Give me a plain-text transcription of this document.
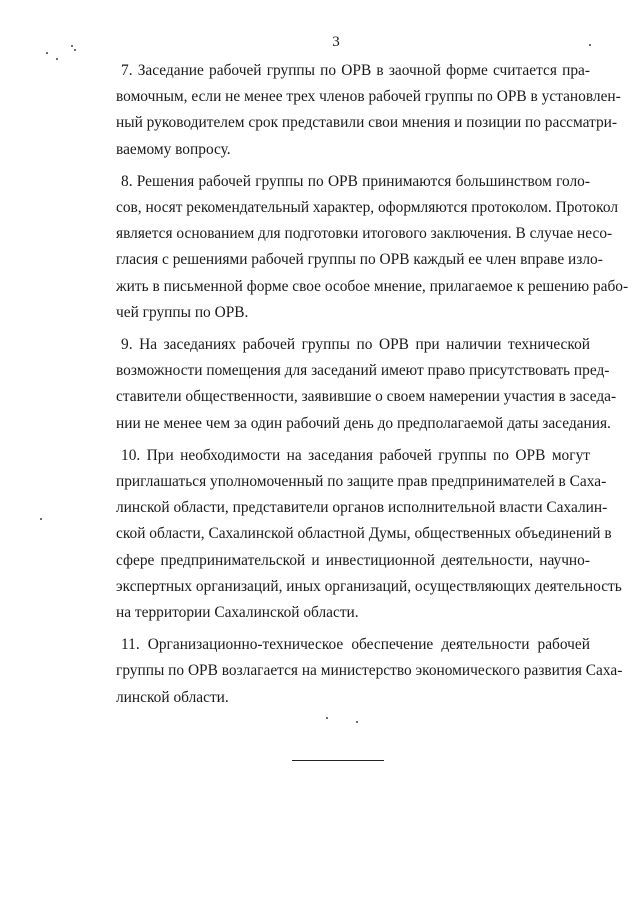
3

7. Заседание рабочей группы по ОРВ в заочной форме считается пра-
вомочным, если не менее трех членов рабочей группы по ОРВ в установлен-
ный руководителем срок представили свои мнения и позиции по рассматри-
ваемому вопросу.

8. Решения рабочей группы по ОРВ принимаются большинством голо-
сов, носят рекомендательный характер, оформляются протоколом. Протокол
является основанием для подготовки итогового заключения. В случае несо-
гласия с решениями рабочей группы по ОРВ каждый ее член вправе изло-
жить в письменной форме свое особое мнение, прилагаемое к решению рабо-
чей группы по ОРВ.

9. На заседаниях рабочей группы по ОРВ при наличии технической
возможности помещения для заседаний имеют право присутствовать пред-
ставители общественности, заявившие о своем намерении участия в заседа-
нии не менее чем за один рабочий день до предполагаемой даты заседания.

10. При необходимости на заседания рабочей группы по ОРВ могут
приглашаться уполномоченный по защите прав предпринимателей в Саха-
линской области, представители органов исполнительной власти Сахалин-
ской области, Сахалинской областной Думы, общественных объединений в
сфере предпринимательской и инвестиционной деятельности, научно-
экспертных организаций, иных организаций, осуществляющих деятельность
на территории Сахалинской области.

11. Организационно-техническое обеспечение деятельности рабочей
группы по ОРВ возлагается на министерство экономического развития Саха-
линской области.
